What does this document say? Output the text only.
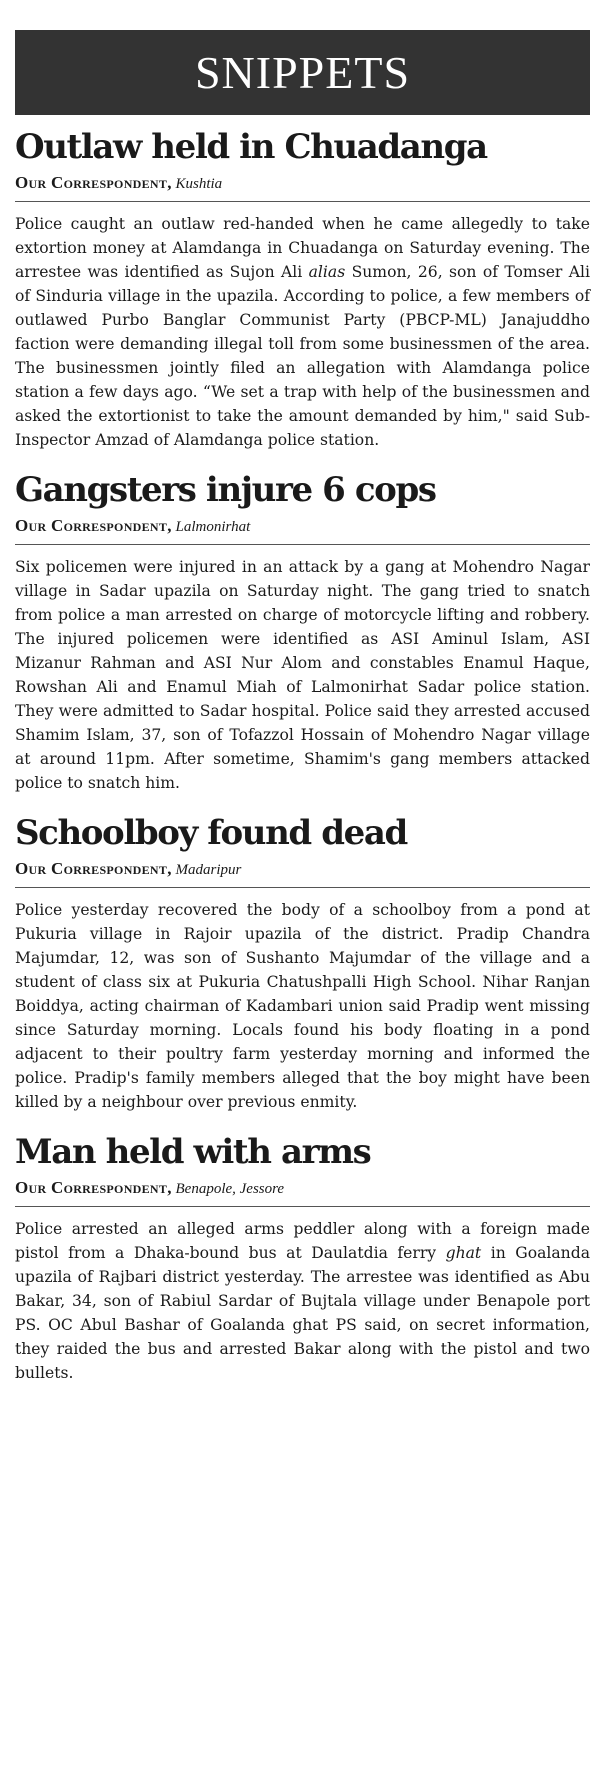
SNIPPETS
Outlaw held in Chuadanga
Our Correspondent, Kushtia

Police caught an outlaw red-handed when he came allegedly to take extortion money at Alamdanga in Chuadanga on Saturday evening. The arrestee was identified as Sujon Ali alias Sumon, 26, son of Tomser Ali of Sinduria village in the upazila. According to police, a few members of outlawed Purbo Banglar Communist Party (PBCP-ML) Janajuddho faction were demanding illegal toll from some businessmen of the area. The businessmen jointly filed an allegation with Alamdanga police station a few days ago. “We set a trap with help of the businessmen and asked the extortionist to take the amount demanded by him," said Sub-Inspector Amzad of Alamdanga police station.

Gangsters injure 6 cops
Our Correspondent, Lalmonirhat

Six policemen were injured in an attack by a gang at Mohendro Nagar village in Sadar upazila on Saturday night. The gang tried to snatch from police a man arrested on charge of motorcycle lifting and robbery. The injured policemen were identified as ASI Aminul Islam, ASI Mizanur Rahman and ASI Nur Alom and constables Enamul Haque, Rowshan Ali and Enamul Miah of Lalmonirhat Sadar police station. They were admitted to Sadar hospital. Police said they arrested accused Shamim Islam, 37, son of Tofazzol Hossain of Mohendro Nagar village at around 11pm. After sometime, Shamim's gang members attacked police to snatch him.

Schoolboy found dead
Our Correspondent, Madaripur

Police yesterday recovered the body of a schoolboy from a pond at Pukuria village in Rajoir upazila of the district. Pradip Chandra Majumdar, 12, was son of Sushanto Majumdar of the village and a student of class six at Pukuria Chatushpalli High School. Nihar Ranjan Boiddya, acting chairman of Kadambari union said Pradip went missing since Saturday morning. Locals found his body floating in a pond adjacent to their poultry farm yesterday morning and informed the police. Pradip's family members alleged that the boy might have been killed by a neighbour over previous enmity.

Man held with arms
Our Correspondent, Benapole, Jessore

Police arrested an alleged arms peddler along with a foreign made pistol from a Dhaka-bound bus at Daulatdia ferry ghat in Goalanda upazila of Rajbari district yesterday. The arrestee was identified as Abu Bakar, 34, son of Rabiul Sardar of Bujtala village under Benapole port PS. OC Abul Bashar of Goalanda ghat PS said, on secret information, they raided the bus and arrested Bakar along with the pistol and two bullets.
